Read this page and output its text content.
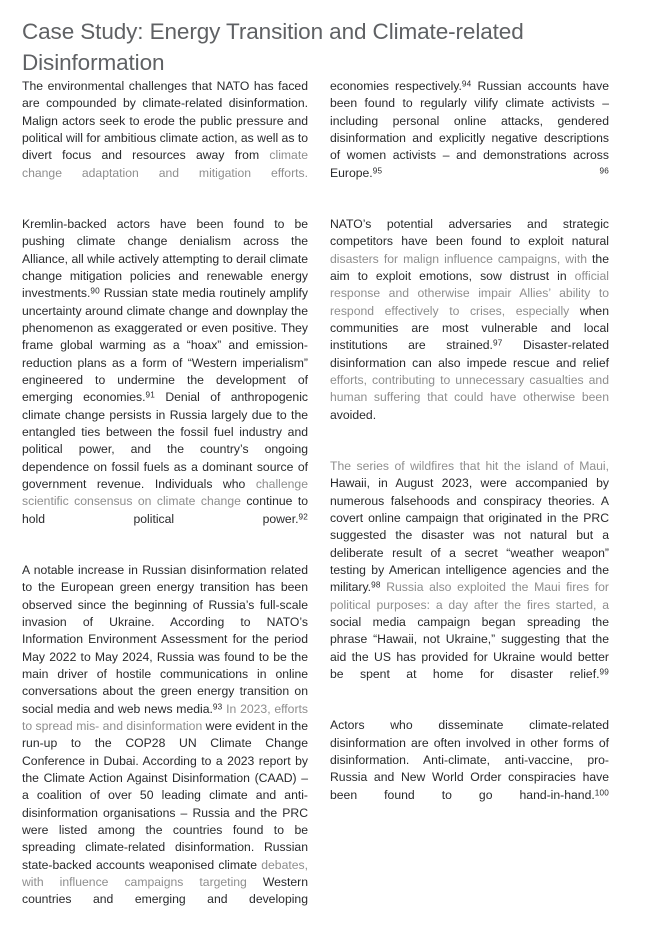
Case Study: Energy Transition and Climate-related Disinformation

The environmental challenges that NATO has faced are compounded by climate-related disinformation. Malign actors seek to erode the public pressure and political will for ambitious climate action, as well as to divert focus and resources away from climate change adaptation and mitigation efforts.

Kremlin-backed actors have been found to be pushing climate change denialism across the Alliance, all while actively attempting to derail climate change mitigation policies and renewable energy investments.$^{90}$ Russian state media routinely amplify uncertainty around climate change and downplay the phenomenon as exaggerated or even positive. They frame global warming as a “hoax” and emission-reduction plans as a form of “Western imperialism” engineered to undermine the development of emerging economies.$^{91}$ Denial of anthropogenic climate change persists in Russia largely due to the entangled ties between the fossil fuel industry and political power, and the country’s ongoing dependence on fossil fuels as a dominant source of government revenue. Individuals who challenge scientific consensus on climate change continue to hold political power.$^{92}$

A notable increase in Russian disinformation related to the European green energy transition has been observed since the beginning of Russia’s full-scale invasion of Ukraine. According to NATO’s Information Environment Assessment for the period May 2022 to May 2024, Russia was found to be the main driver of hostile communications in online conversations about the green energy transition on social media and web news media.$^{93}$ In 2023, efforts to spread mis- and disinformation were evident in the run-up to the COP28 UN Climate Change Conference in Dubai. According to a 2023 report by the Climate Action Against Disinformation (CAAD) – a coalition of over 50 leading climate and anti-disinformation organisations – Russia and the PRC were listed among the countries found to be spreading climate-related disinformation. Russian state-backed accounts weaponised climate debates, with influence campaigns targeting Western countries and emerging and developing

economies respectively.$^{94}$ Russian accounts have been found to regularly vilify climate activists – including personal online attacks, gendered disinformation and explicitly negative descriptions of women activists – and demonstrations across Europe.$^{95}$	$^{96}$

NATO’s potential adversaries and strategic competitors have been found to exploit natural disasters for malign influence campaigns, with the aim to exploit emotions, sow distrust in official response and otherwise impair Allies’ ability to respond effectively to crises, especially when communities are most vulnerable and local institutions are strained.$^{97}$ Disaster-related disinformation can also impede rescue and relief efforts, contributing to unnecessary casualties and human suffering that could have otherwise been avoided.

The series of wildfires that hit the island of Maui, Hawaii, in August 2023, were accompanied by numerous falsehoods and conspiracy theories. A covert online campaign that originated in the PRC suggested the disaster was not natural but a deliberate result of a secret “weather weapon” testing by American intelligence agencies and the military.$^{98}$ Russia also exploited the Maui fires for political purposes: a day after the fires started, a social media campaign began spreading the phrase “Hawaii, not Ukraine,” suggesting that the aid the US has provided for Ukraine would better be spent at home for disaster relief.$^{99}$

Actors who disseminate climate-related disinformation are often involved in other forms of disinformation. Anti-climate, anti-vaccine, pro-Russia and New World Order conspiracies have been found to go hand-in-hand.$^{100}$
